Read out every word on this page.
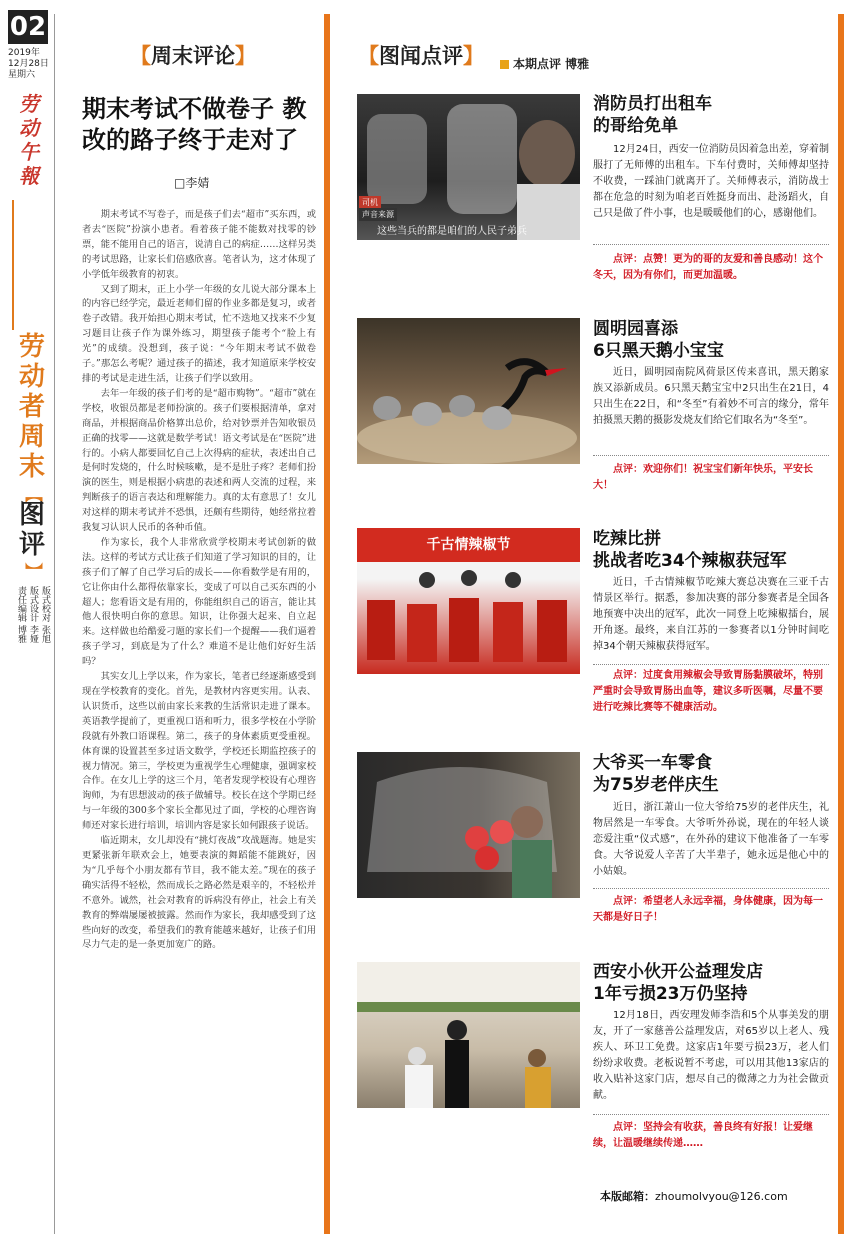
02
2019年
12月28日
星期六
劳
动
午
報
劳
动
者
周
末
【
图
评
】
版式校对 张旭
版式设计 李娅
责任编辑 博雅
【周末评论】
期末考试不做卷子 教改的路子终于走对了
□李婧

期末考试不写卷子，而是孩子们去“超市”买东西，或者去“医院”扮演小患者。看着孩子能不能数对找零的钞票，能不能用自己的语言，说清自己的病症……这样另类的考试思路，让家长们倍感欣喜。笔者认为，这才体现了小学低年级教育的初衷。

又到了期末，正上小学一年级的女儿说大部分课本上的内容已经学完，最近老师们留的作业多都是复习，或者卷子改错。我开始担心期末考试，忙不迭地又找来不少复习题目让孩子作为课外练习，期望孩子能考个“脸上有光”的成绩。没想到，孩子说：“今年期末考试不做卷子。”那怎么考呢？通过孩子的描述，我才知道原来学校安排的考试是走进生活，让孩子们学以致用。

去年一年级的孩子们考的是“超市购物”。“超市”就在学校，收银员都是老师扮演的。孩子们要根据清单，拿对商品，并根据商品价格算出总价，给对钞票并告知收银员正确的找零——这就是数学考试！语文考试是在“医院”进行的。小病人都要回忆自己上次得病的症状，表述出自己是何时发烧的，什么时候咳嗽，是不是肚子疼？老师们扮演的医生，则是根据小病患的表述和两人交流的过程，来判断孩子的语言表达和理解能力。真的太有意思了！女儿对这样的期末考试并不恐惧，还颇有些期待，她经常拉着我复习认识人民币的各种币值。

作为家长，我个人非常欣赏学校期末考试创新的做法。这样的考试方式让孩子们知道了学习知识的目的，让孩子们了解了自己学习后的成长——你看数学是有用的，它让你由什么都得依靠家长，变成了可以自己买东西的小超人；您看语文是有用的，你能组织自己的语言，能让其他人很快明白你的意思。知识，让你强大起来、自立起来。这样做也给酷爱刁题的家长们一个提醒——我们逼着孩子学习，到底是为了什么？难道不是让他们好好生活吗？

其实女儿上学以来，作为家长，笔者已经逐渐感受到现在学校教育的变化。首先，是教材内容更实用。认表、认识货币，这些以前由家长来教的生活常识走进了课本。英语教学提前了，更重视口语和听力，很多学校在小学阶段就有外教口语课程。第二，孩子的身体素质更受重视。体育课的设置甚至多过语文数学，学校还长期监控孩子的视力情况。第三，学校更为重视学生心理健康，强调家校合作。在女儿上学的这三个月，笔者发现学校设有心理咨询师，为有思想波动的孩子做辅导。校长在这个学期已经与一年级的300多个家长全都见过了面，学校的心理咨询师还对家长进行培训，培训内容是家长如何跟孩子说话。

临近期末，女儿却没有“挑灯夜战”攻战题海。她是实更紧张新年联欢会上，她要表演的舞蹈能不能跳好，因为“几乎每个小朋友都有节目，我不能太差。”现在的孩子确实活得不轻松，然而成长之路必然是艰辛的，不轻松并不意外。诚然，社会对教育的诉病没有停止，社会上有关教育的弊端屡屡被披露。然而作为家长，我却感受到了这些向好的改变，希望我们的教育能越来越好，让孩子们用尽力气走的是一条更加宽广的路。

【图闻点评】	本期点评 博雅
司机
声音来源
这些当兵的都是咱们的人民子弟兵
消防员打出租车
的哥给免单

12月24日，西安一位消防员因着急出差，穿着制服打了无师傅的出租车。下车付费时，关师傅却坚持不收费，一踩油门就离开了。关师傅表示，消防战士都在危急的时刻为咱老百姓挺身而出、赴汤蹈火，自己只是做了件小事，也是暖暖他们的心，感谢他们。

点评：点赞！更为的哥的友爱和善良感动！这个冬天，因为有你们，而更加温暖。
圆明园喜添
6只黑天鹅小宝宝

近日，圆明园南院风荷景区传来喜讯，黑天鹅家族又添新成员。6只黑天鹅宝宝中2只出生在21日，4只出生在22日，和“冬至”有着妙不可言的缘分，常年拍摄黑天鹅的摄影发烧友们给它们取名为“冬至”。

点评：欢迎你们！祝宝宝们新年快乐，平安长大！
千古情辣椒节	吃辣比拼
挑战者吃34个辣椒获冠军

近日，千古情辣椒节吃辣大赛总决赛在三亚千古情景区举行。据悉，参加决赛的部分参赛者是全国各地预赛中决出的冠军，此次一同登上吃辣椒擂台，展开角逐。最终，来自江苏的一参赛者以1分钟时间吃掉34个朝天辣椒获得冠军。

点评：过度食用辣椒会导致胃肠黏膜破坏，特别严重时会导致胃肠出血等，建议多听医嘱，尽量不要进行吃辣比赛等不健康活动。
大爷买一车零食
为75岁老伴庆生

近日，浙江萧山一位大爷给75岁的老伴庆生，礼物居然是一车零食。大爷听外孙说，现在的年轻人谈恋爱注重“仪式感”，在外孙的建议下他准备了一车零食。大爷说爱人辛苦了大半辈子，她永远是他心中的小姑娘。

点评：希望老人永远幸福，身体健康，因为每一天都是好日子！
西安小伙开公益理发店
1年亏损23万仍坚持

12月18日，西安理发师李浩和5个从事美发的朋友，开了一家慈善公益理发店，对65岁以上老人、残疾人、环卫工免费。这家店1年要亏损23万，老人们纷纷求收费。老板说暂不考虑，可以用其他13家店的收入贴补这家门店，想尽自己的微薄之力为社会做贡献。

点评：坚持会有收获，善良终有好报！让爱继续，让温暖继续传递……
本版邮箱：zhoumolvyou@126.com
